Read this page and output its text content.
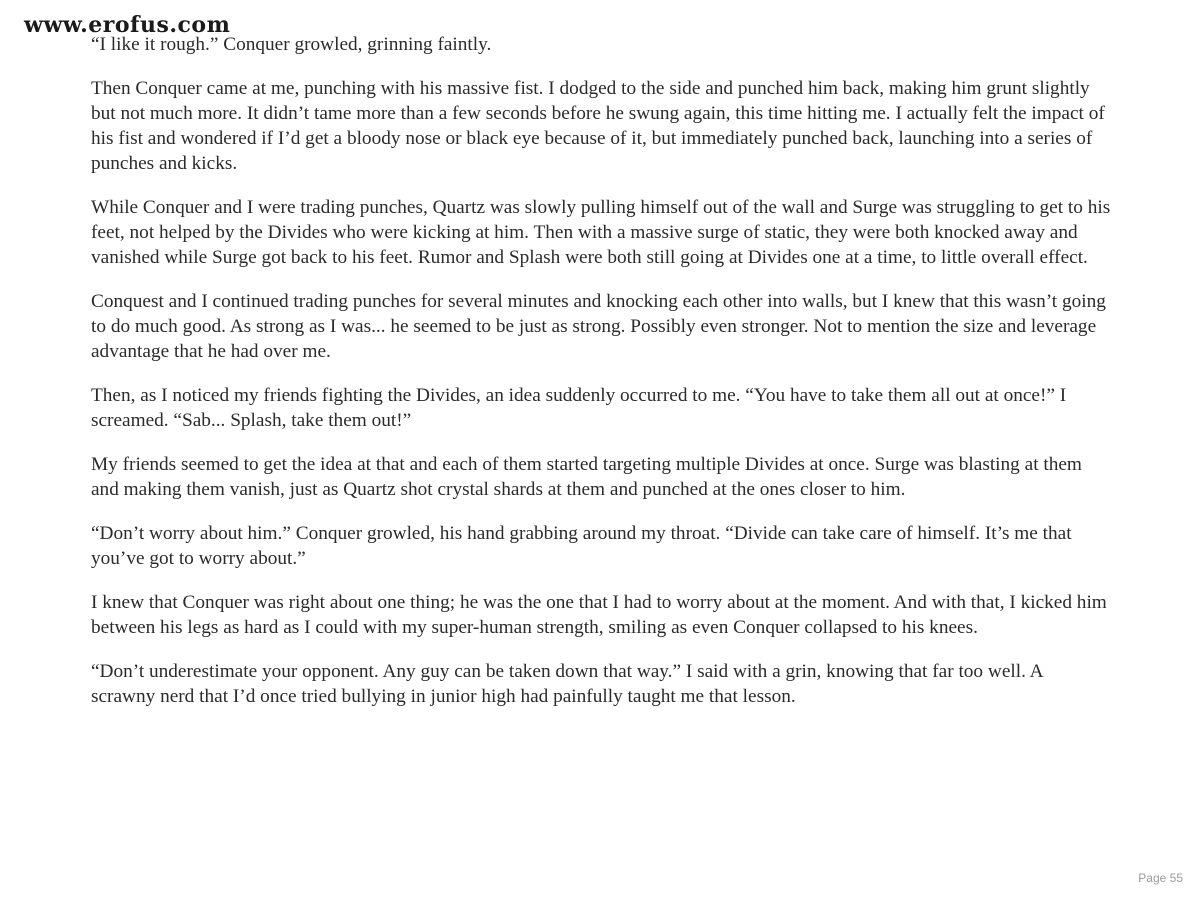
www.erofus.com

“I like it rough.” Conquer growled, grinning faintly.

Then Conquer came at me, punching with his massive fist. I dodged to the side and punched him back, making him grunt slightly but not much more. It didn’t tame more than a few seconds before he swung again, this time hitting me. I actually felt the impact of his fist and wondered if I’d get a bloody nose or black eye because of it, but immediately punched back, launching into a series of punches and kicks.

While Conquer and I were trading punches, Quartz was slowly pulling himself out of the wall and Surge was struggling to get to his feet, not helped by the Divides who were kicking at him. Then with a massive surge of static, they were both knocked away and vanished while Surge got back to his feet. Rumor and Splash were both still going at Divides one at a time, to little overall effect.

Conquest and I continued trading punches for several minutes and knocking each other into walls, but I knew that this wasn’t going to do much good. As strong as I was... he seemed to be just as strong. Possibly even stronger. Not to mention the size and leverage advantage that he had over me.

Then, as I noticed my friends fighting the Divides, an idea suddenly occurred to me. “You have to take them all out at once!” I screamed. “Sab... Splash, take them out!”

My friends seemed to get the idea at that and each of them started targeting multiple Divides at once. Surge was blasting at them and making them vanish, just as Quartz shot crystal shards at them and punched at the ones closer to him.

“Don’t worry about him.” Conquer growled, his hand grabbing around my throat. “Divide can take care of himself. It’s me that you’ve got to worry about.”

I knew that Conquer was right about one thing; he was the one that I had to worry about at the moment. And with that, I kicked him between his legs as hard as I could with my super-human strength, smiling as even Conquer collapsed to his knees.

“Don’t underestimate your opponent. Any guy can be taken down that way.” I said with a grin, knowing that far too well. A scrawny nerd that I’d once tried bullying in junior high had painfully taught me that lesson.

Page 55
